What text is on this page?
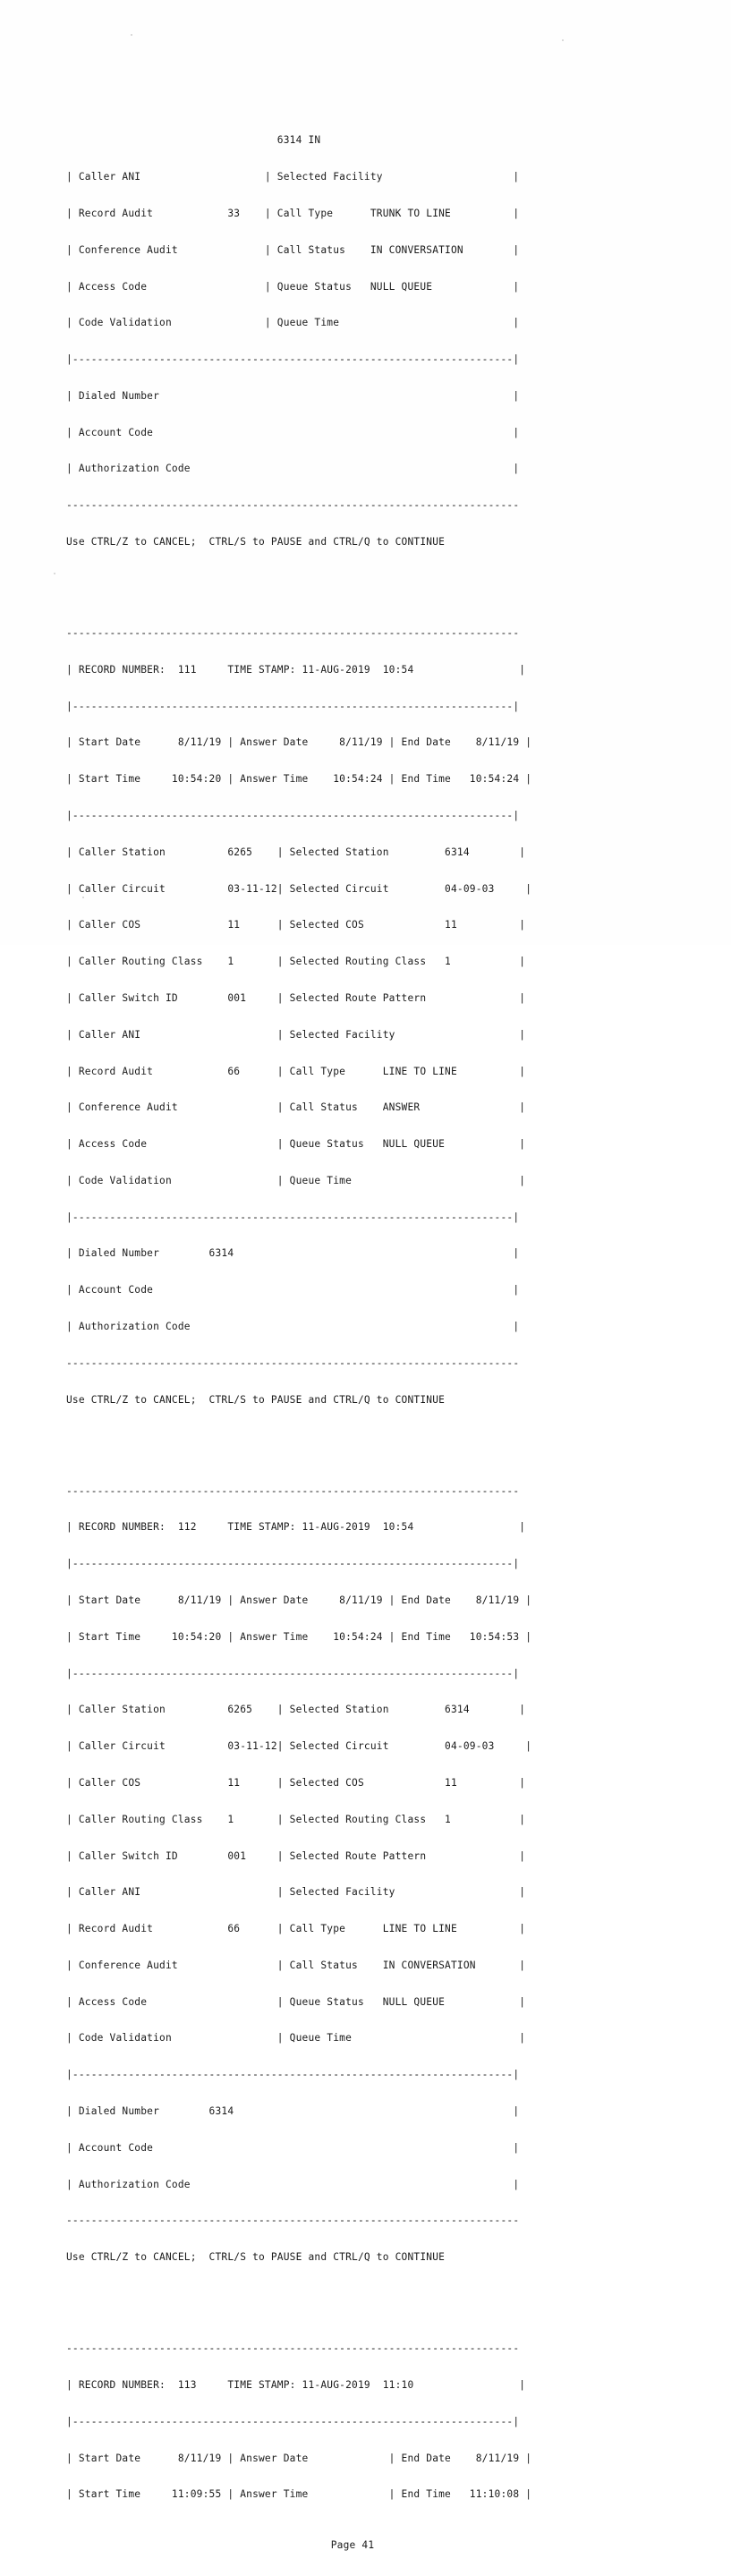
6314 IN

| Caller ANI                    | Selected Facility                     |

| Record Audit            33    | Call Type      TRUNK TO LINE          |

| Conference Audit              | Call Status    IN CONVERSATION        |

| Access Code                   | Queue Status   NULL QUEUE             |

| Code Validation               | Queue Time                            |

|-----------------------------------------------------------------------|

| Dialed Number                                                         |

| Account Code                                                          |

| Authorization Code                                                    |

-------------------------------------------------------------------------

Use CTRL/Z to CANCEL;  CTRL/S to PAUSE and CTRL/Q to CONTINUE

-------------------------------------------------------------------------

| RECORD NUMBER:  111     TIME STAMP: 11-AUG-2019  10:54                 |

|-----------------------------------------------------------------------|

| Start Date      8/11/19 | Answer Date     8/11/19 | End Date    8/11/19 |

| Start Time     10:54:20 | Answer Time    10:54:24 | End Time   10:54:24 |

|-----------------------------------------------------------------------|

| Caller Station          6265    | Selected Station         6314        |

| Caller Circuit          03-11-12| Selected Circuit         04-09-03     |

| Caller COS              11      | Selected COS             11          |

| Caller Routing Class    1       | Selected Routing Class   1           |

| Caller Switch ID        001     | Selected Route Pattern               |

| Caller ANI                      | Selected Facility                    |

| Record Audit            66      | Call Type      LINE TO LINE          |

| Conference Audit                | Call Status    ANSWER                |

| Access Code                     | Queue Status   NULL QUEUE            |

| Code Validation                 | Queue Time                           |

|-----------------------------------------------------------------------|

| Dialed Number        6314                                             |

| Account Code                                                          |

| Authorization Code                                                    |

-------------------------------------------------------------------------

Use CTRL/Z to CANCEL;  CTRL/S to PAUSE and CTRL/Q to CONTINUE

-------------------------------------------------------------------------

| RECORD NUMBER:  112     TIME STAMP: 11-AUG-2019  10:54                 |

|-----------------------------------------------------------------------|

| Start Date      8/11/19 | Answer Date     8/11/19 | End Date    8/11/19 |

| Start Time     10:54:20 | Answer Time    10:54:24 | End Time   10:54:53 |

|-----------------------------------------------------------------------|

| Caller Station          6265    | Selected Station         6314        |

| Caller Circuit          03-11-12| Selected Circuit         04-09-03     |

| Caller COS              11      | Selected COS             11          |

| Caller Routing Class    1       | Selected Routing Class   1           |

| Caller Switch ID        001     | Selected Route Pattern               |

| Caller ANI                      | Selected Facility                    |

| Record Audit            66      | Call Type      LINE TO LINE          |

| Conference Audit                | Call Status    IN CONVERSATION       |

| Access Code                     | Queue Status   NULL QUEUE            |

| Code Validation                 | Queue Time                           |

|-----------------------------------------------------------------------|

| Dialed Number        6314                                             |

| Account Code                                                          |

| Authorization Code                                                    |

-------------------------------------------------------------------------

Use CTRL/Z to CANCEL;  CTRL/S to PAUSE and CTRL/Q to CONTINUE

-------------------------------------------------------------------------

| RECORD NUMBER:  113     TIME STAMP: 11-AUG-2019  11:10                 |

|-----------------------------------------------------------------------|

| Start Date      8/11/19 | Answer Date             | End Date    8/11/19 |

| Start Time     11:09:55 | Answer Time             | End Time   11:10:08 |

Page 41
